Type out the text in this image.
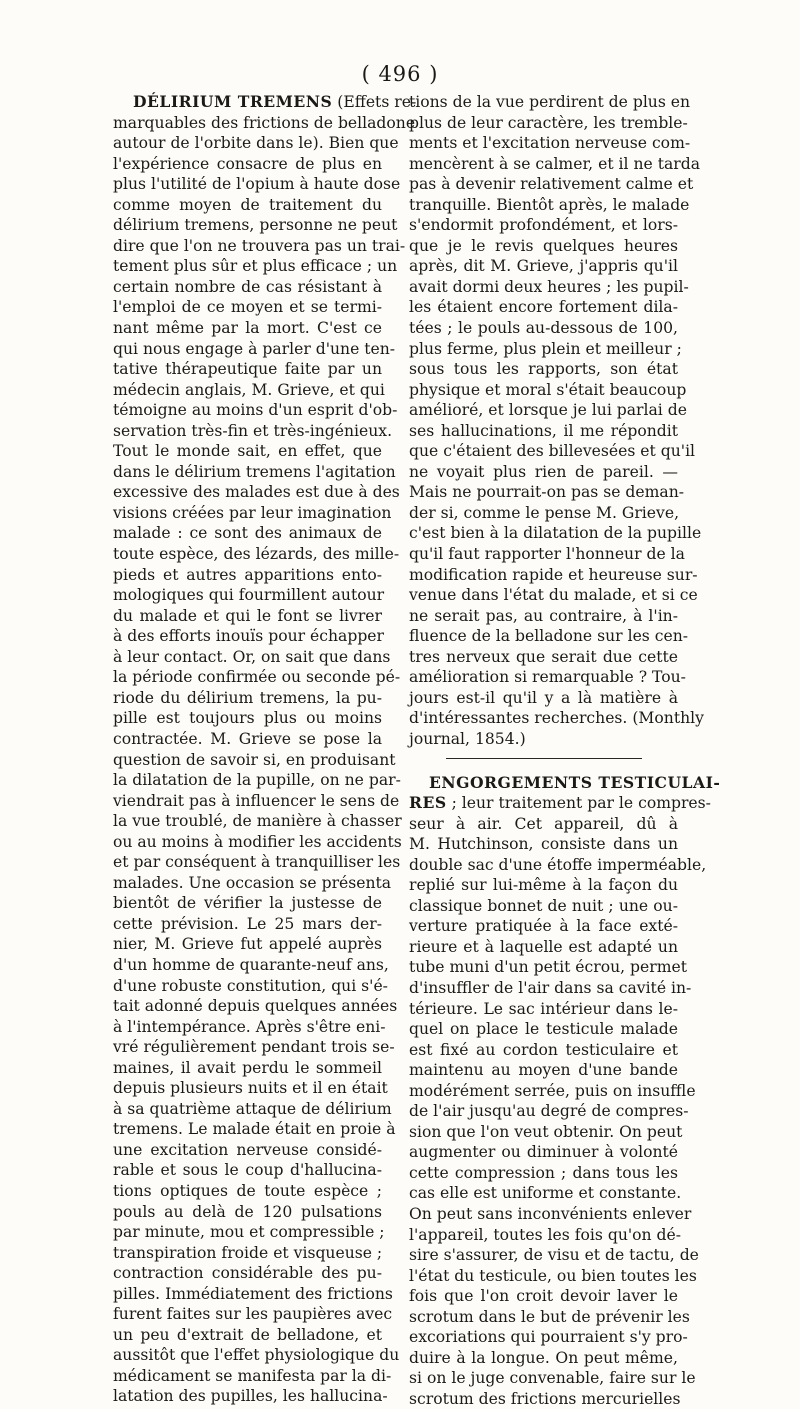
( 496 )
DÉLIRIUM TREMENS (Effets re-
marquables des frictions de belladone
autour de l'orbite dans le). Bien que
l'expérience consacre de plus en
plus l'utilité de l'opium à haute dose
comme moyen de traitement du
délirium tremens, personne ne peut
dire que l'on ne trouvera pas un trai-
tement plus sûr et plus efficace ; un
certain nombre de cas résistant à
l'emploi de ce moyen et se termi-
nant même par la mort. C'est ce
qui nous engage à parler d'une ten-
tative thérapeutique faite par un
médecin anglais, M. Grieve, et qui
témoigne au moins d'un esprit d'ob-
servation très-fin et très-ingénieux.
Tout le monde sait, en effet, que
dans le délirium tremens l'agitation
excessive des malades est due à des
visions créées par leur imagination
malade : ce sont des animaux de
toute espèce, des lézards, des mille-
pieds et autres apparitions ento-
mologiques qui fourmillent autour
du malade et qui le font se livrer
à des efforts inouïs pour échapper
à leur contact. Or, on sait que dans
la période confirmée ou seconde pé-
riode du délirium tremens, la pu-
pille est toujours plus ou moins
contractée. M. Grieve se pose la
question de savoir si, en produisant
la dilatation de la pupille, on ne par-
viendrait pas à influencer le sens de
la vue troublé, de manière à chasser
ou au moins à modifier les accidents
et par conséquent à tranquilliser les
malades. Une occasion se présenta
bientôt de vérifier la justesse de
cette prévision. Le 25 mars der-
nier, M. Grieve fut appelé auprès
d'un homme de quarante-neuf ans,
d'une robuste constitution, qui s'é-
tait adonné depuis quelques années
à l'intempérance. Après s'être eni-
vré régulièrement pendant trois se-
maines, il avait perdu le sommeil
depuis plusieurs nuits et il en était
à sa quatrième attaque de délirium
tremens. Le malade était en proie à
une excitation nerveuse considé-
rable et sous le coup d'hallucina-
tions optiques de toute espèce ;
pouls au delà de 120 pulsations
par minute, mou et compressible ;
transpiration froide et visqueuse ;
contraction considérable des pu-
pilles. Immédiatement des frictions
furent faites sur les paupières avec
un peu d'extrait de belladone, et
aussitôt que l'effet physiologique du
médicament se manifesta par la di-
latation des pupilles, les hallucina-
tions de la vue perdirent de plus en
plus de leur caractère, les tremble-
ments et l'excitation nerveuse com-
mencèrent à se calmer, et il ne tarda
pas à devenir relativement calme et
tranquille. Bientôt après, le malade
s'endormit profondément, et lors-
que je le revis quelques heures
après, dit M. Grieve, j'appris qu'il
avait dormi deux heures ; les pupil-
les étaient encore fortement dila-
tées ; le pouls au-dessous de 100,
plus ferme, plus plein et meilleur ;
sous tous les rapports, son état
physique et moral s'était beaucoup
amélioré, et lorsque je lui parlai de
ses hallucinations, il me répondit
que c'étaient des billevesées et qu'il
ne voyait plus rien de pareil. —
Mais ne pourrait-on pas se deman-
der si, comme le pense M. Grieve,
c'est bien à la dilatation de la pupille
qu'il faut rapporter l'honneur de la
modification rapide et heureuse sur-
venue dans l'état du malade, et si ce
ne serait pas, au contraire, à l'in-
fluence de la belladone sur les cen-
tres nerveux que serait due cette
amélioration si remarquable ? Tou-
jours est-il qu'il y a là matière à
d'intéressantes recherches. (Monthly
journal, 1854.)
ENGORGEMENTS TESTICULAI-
RES ; leur traitement par le compres-
seur à air. Cet appareil, dû à
M. Hutchinson, consiste dans un
double sac d'une étoffe imperméable,
replié sur lui-même à la façon du
classique bonnet de nuit ; une ou-
verture pratiquée à la face exté-
rieure et à laquelle est adapté un
tube muni d'un petit écrou, permet
d'insuffler de l'air dans sa cavité in-
térieure. Le sac intérieur dans le-
quel on place le testicule malade
est fixé au cordon testiculaire et
maintenu au moyen d'une bande
modérément serrée, puis on insuffle
de l'air jusqu'au degré de compres-
sion que l'on veut obtenir. On peut
augmenter ou diminuer à volonté
cette compression ; dans tous les
cas elle est uniforme et constante.
On peut sans inconvénients enlever
l'appareil, toutes les fois qu'on dé-
sire s'assurer, de visu et de tactu, de
l'état du testicule, ou bien toutes les
fois que l'on croit devoir laver le
scrotum dans le but de prévenir les
excoriations qui pourraient s'y pro-
duire à la longue. On peut même,
si on le juge convenable, faire sur le
scrotum des frictions mercurielles
